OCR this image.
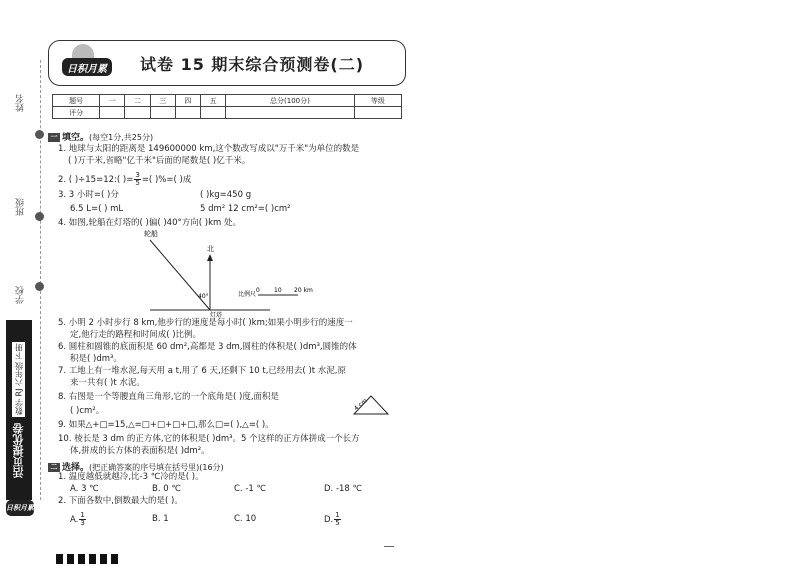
姓名
班级
学校
活页提优卷
数学 RJ 六年级 下册
日积月累
日积月累	试卷 15 期末综合预测卷(二)
题号	一	二	三	四	五	总分(100分)	等级
评分							
一 填空。(每空1分,共25分)
1. 地球与太阳的距离是 149600000 km,这个数改写成以"万千米"为单位的数是
( )万千米,省略"亿千米"后面的尾数是( )亿千米。
2. ( )÷15=12:( )= $\frac{3}{5}$ =( )%=( )成
3. 3 小时=( )分	( )kg=450 g
6.5 L=( ) mL	5 dm² 12 cm²=( )cm²
4. 如图,轮船在灯塔的( )偏( )40°方向( )km 处。
轮船
北
40°
灯塔
比例尺
0 10 20 km
5. 小明 2 小时步行 8 km,他步行的速度是每小时( )km;如果小明步行的速度一
定,他行走的路程和时间成( )比例。
6. 圆柱和圆锥的底面积是 60 dm²,高都是 3 dm,圆柱的体积是( )dm³,圆锥的体
积是( )dm³。
7. 工地上有一堆水泥,每天用 a t,用了 6 天,还剩下 10 t,已经用去( )t 水泥,原
来一共有( )t 水泥。
8. 右图是一个等腰直角三角形,它的一个底角是( )度,面积是
( )cm²。	4 cm
9. 如果△+□=15,△=□+□+□+□,那么□=( ),△=( )。
10. 棱长是 3 dm 的正方体,它的体积是( )dm³。5 个这样的正方体拼成一个长方
体,拼成的长方体的表面积是( )dm²。
二 选择。(把正确答案的序号填在括号里)(16分)
1. 温度越低就越冷,比-3 ℃冷的是( )。
A. 3 ℃	B. 0 ℃	C. -1 ℃	D. -18 ℃
2. 下面各数中,倒数最大的是( )。
A. $\frac{1}{3}$	B. 1	C. 10	D. $\frac{1}{5}$
